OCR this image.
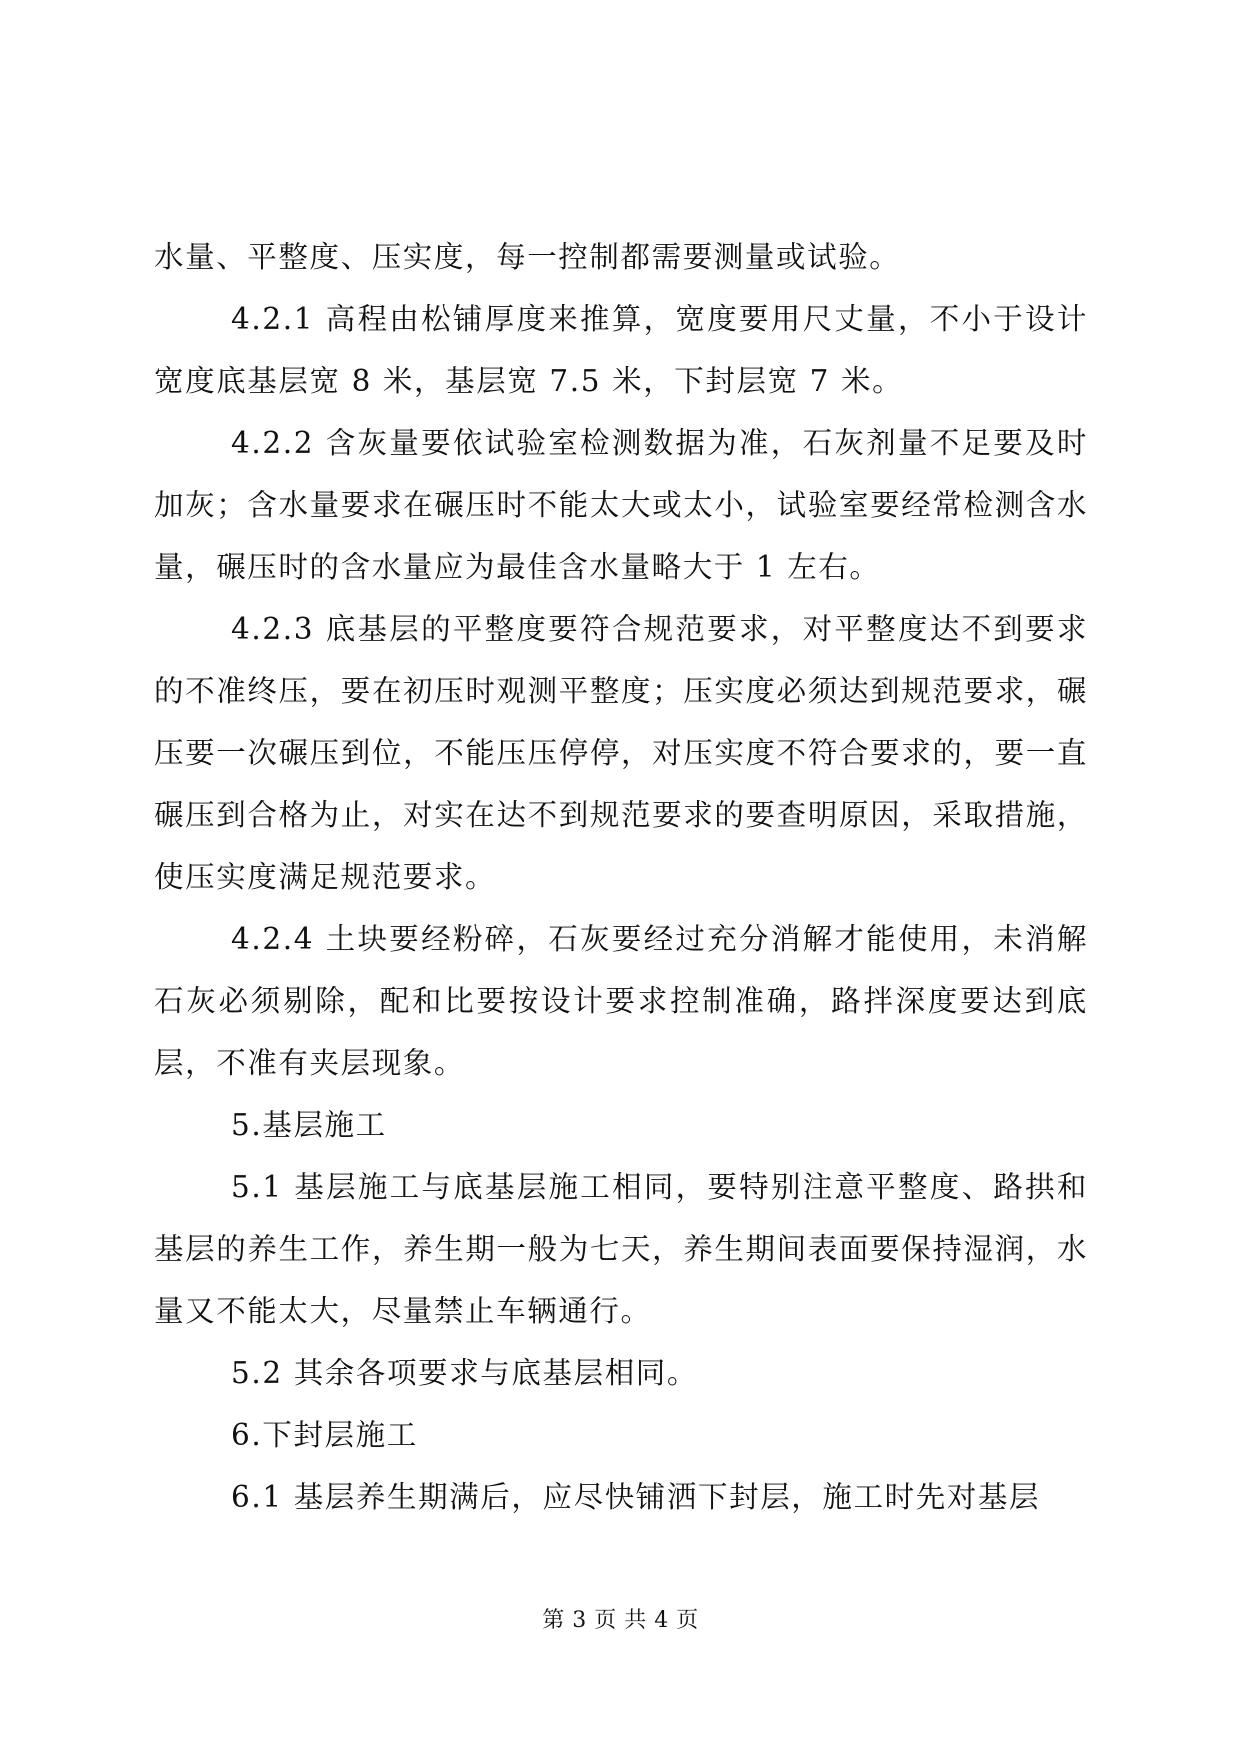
水量、平整度、压实度，每一控制都需要测量或试验。

4.2.1 高程由松铺厚度来推算，宽度要用尺丈量，不小于设计宽度底基层宽 8 米，基层宽 7.5 米，下封层宽 7 米。

4.2.2 含灰量要依试验室检测数据为准，石灰剂量不足要及时加灰；含水量要求在碾压时不能太大或太小，试验室要经常检测含水量，碾压时的含水量应为最佳含水量略大于 1 左右。

4.2.3 底基层的平整度要符合规范要求，对平整度达不到要求的不准终压，要在初压时观测平整度；压实度必须达到规范要求，碾压要一次碾压到位，不能压压停停，对压实度不符合要求的，要一直碾压到合格为止，对实在达不到规范要求的要查明原因，采取措施，使压实度满足规范要求。

4.2.4 土块要经粉碎，石灰要经过充分消解才能使用，未消解石灰必须剔除，配和比要按设计要求控制准确，路拌深度要达到底层，不准有夹层现象。

5.基层施工

5.1 基层施工与底基层施工相同，要特别注意平整度、路拱和基层的养生工作，养生期一般为七天，养生期间表面要保持湿润，水量又不能太大，尽量禁止车辆通行。

5.2 其余各项要求与底基层相同。

6.下封层施工

6.1 基层养生期满后，应尽快铺洒下封层，施工时先对基层

第 3 页 共 4 页
